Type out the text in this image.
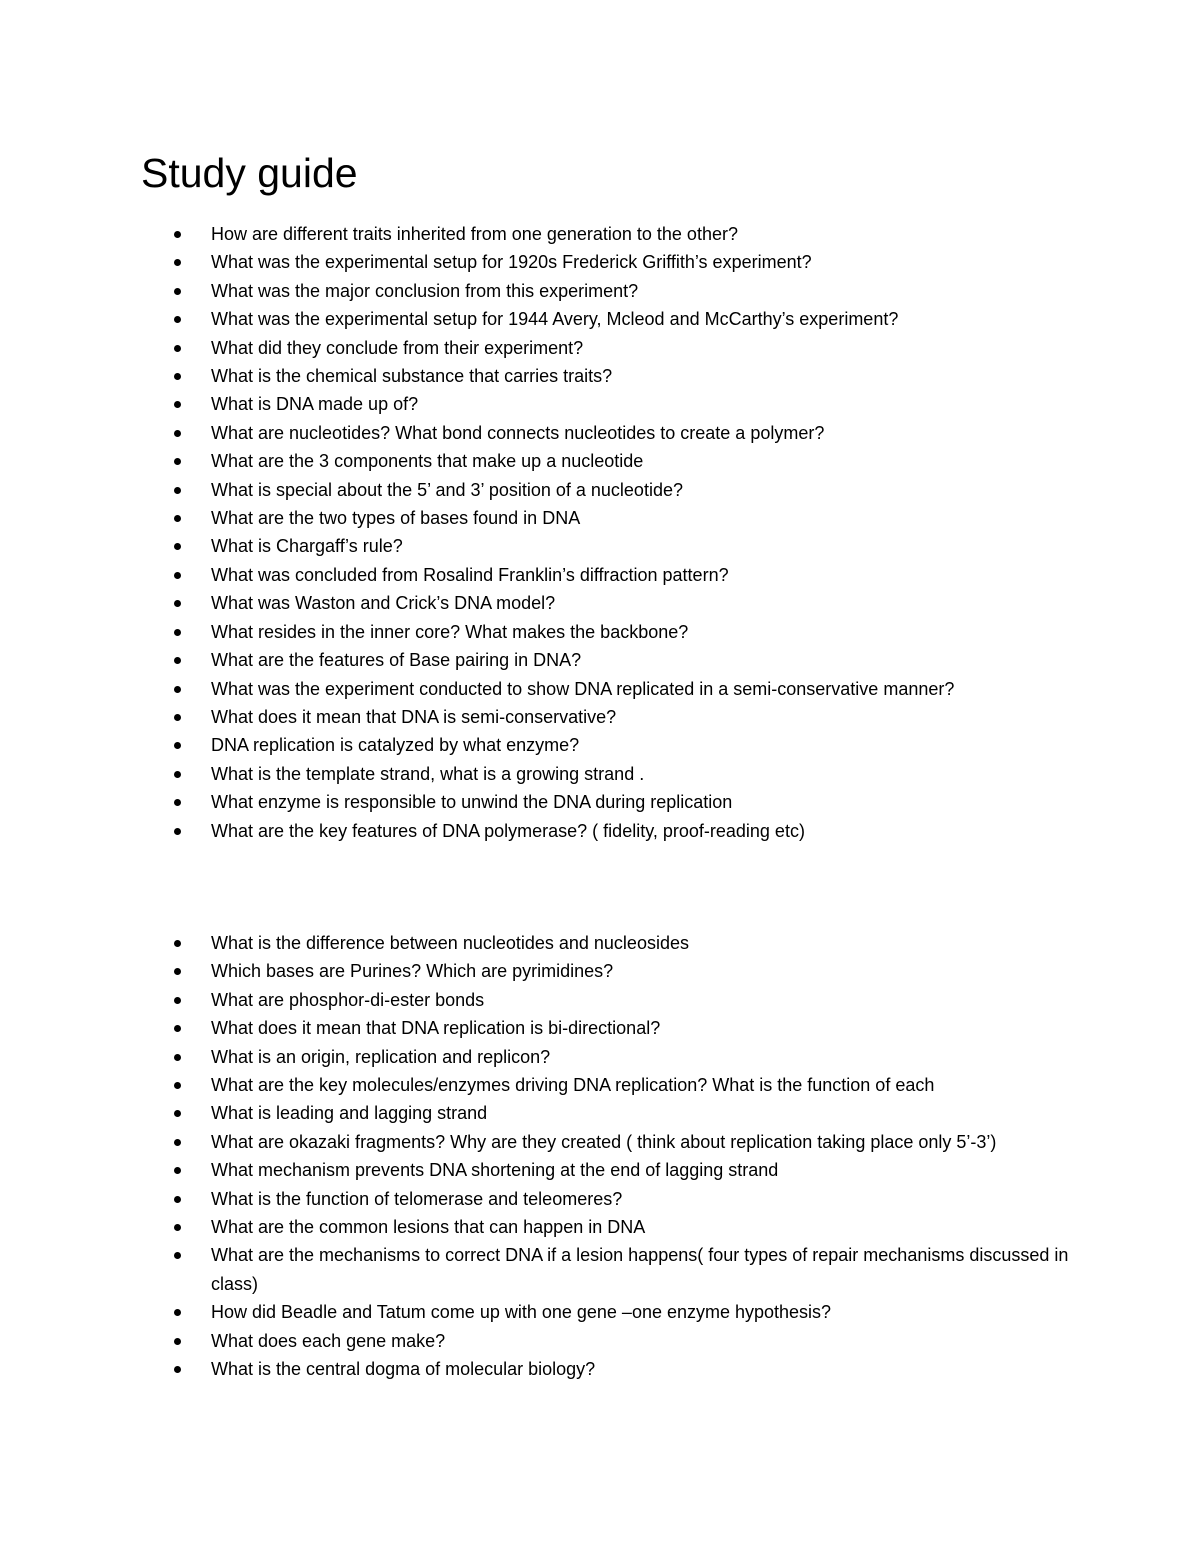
Study guide
How are different traits inherited from one generation to the other?
What was the experimental setup for 1920s Frederick Griffith’s experiment?
What was the major conclusion from this experiment?
What was the experimental setup for 1944 Avery, Mcleod and McCarthy’s experiment?
What did they conclude from their experiment?
What is the chemical substance that carries traits?
What is DNA made up of?
What are nucleotides? What bond connects nucleotides to create a polymer?
What are the 3 components that make up a nucleotide
What is special about the 5’ and 3’ position of a nucleotide?
What are the two types of bases found in DNA
What is Chargaff’s rule?
What was concluded from Rosalind Franklin’s diffraction pattern?
What was Waston and Crick’s DNA model?
What resides in the inner core? What makes the backbone?
What are the features of Base pairing in DNA?
What was the experiment conducted to show DNA replicated in a semi-conservative manner?
What does it mean that DNA is semi-conservative?
DNA replication is catalyzed by what enzyme?
What is the template strand, what is a growing strand .
What enzyme is responsible to unwind the DNA during replication
What are the key features of DNA polymerase? ( fidelity, proof-reading etc)
What is the difference between nucleotides and nucleosides
Which bases are Purines? Which are pyrimidines?
What are phosphor-di-ester bonds
What does it mean that DNA replication is bi-directional?
What is an origin, replication and replicon?
What are the key molecules/enzymes driving DNA replication? What is the function of each
What is leading and lagging strand
What are okazaki fragments? Why are they created ( think about replication taking place only 5’-3’)
What mechanism prevents DNA shortening at the end of lagging strand
What is the function of telomerase and teleomeres?
What are the common lesions that can happen in DNA
What are the mechanisms to correct DNA if a lesion happens( four types of repair mechanisms discussed in class)
How did Beadle and Tatum come up with one gene –one enzyme hypothesis?
What does each gene make?
What is the central dogma of molecular biology?
